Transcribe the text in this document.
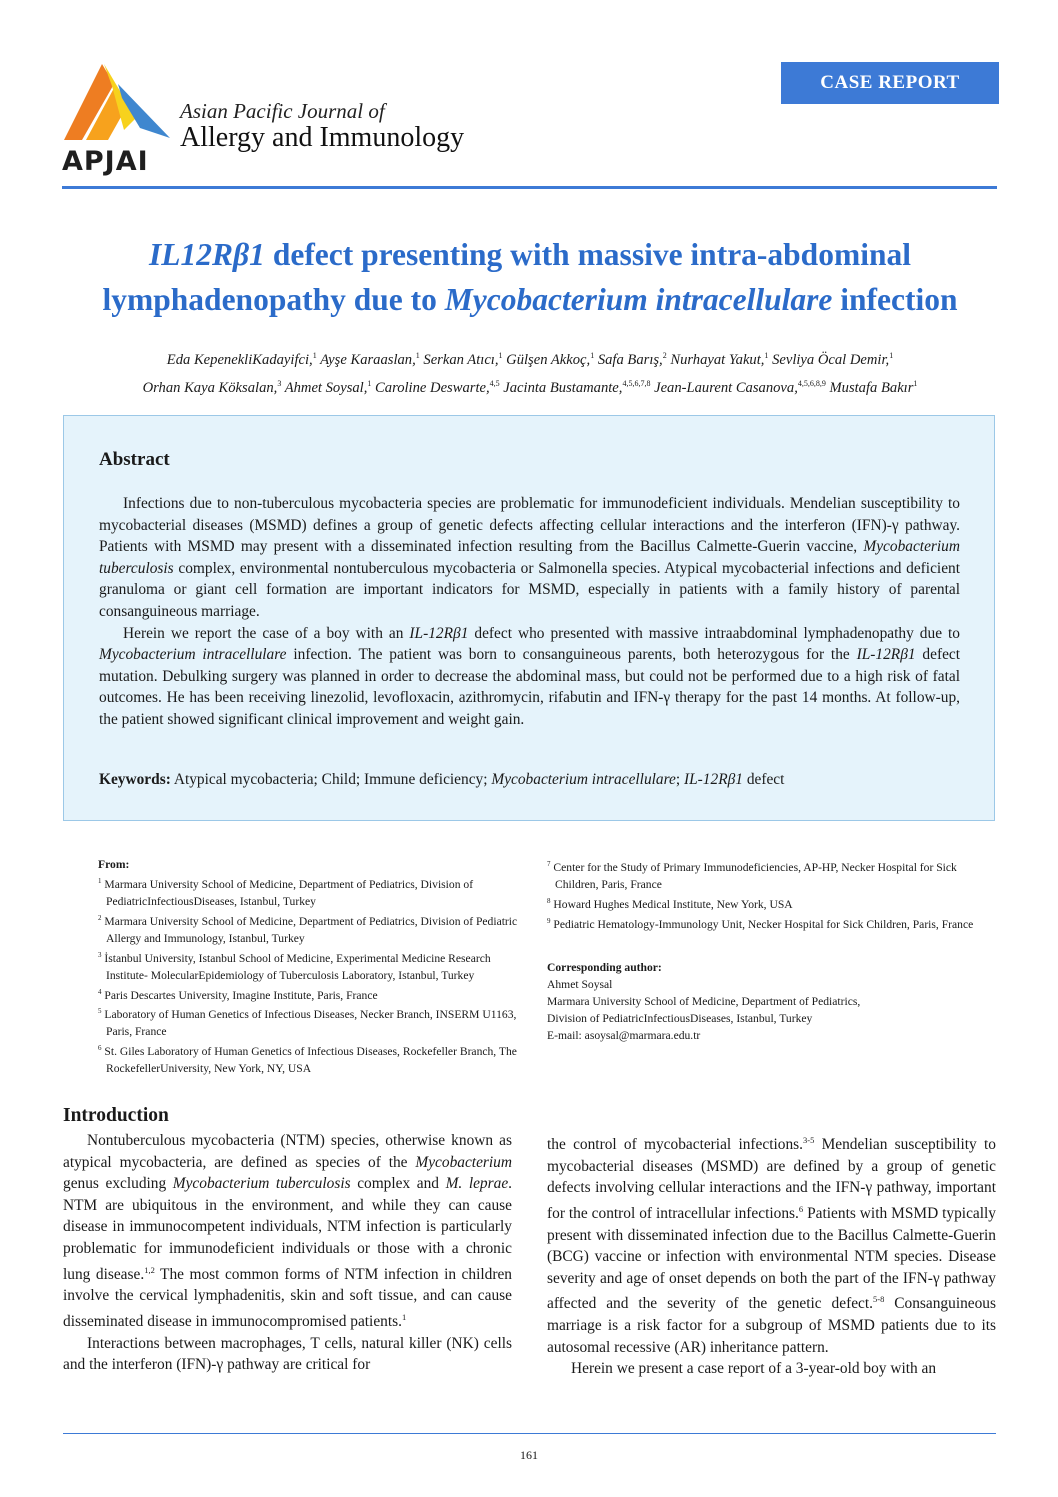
APJAI
Asian Pacific Journal of
Allergy and Immunology
CASE REPORT
IL12Rβ1 defect presenting with massive intra-abdominal
lymphadenopathy due to Mycobacterium intracellulare infection
Eda KepenekliKadayifci,$^1$ Ayşe Karaaslan,$^1$ Serkan Atıcı,$^1$ Gülşen Akkoç,$^1$ Safa Barış,$^2$ Nurhayat Yakut,$^1$ Sevliya Öcal Demir,$^1$
Orhan Kaya Köksalan,$^3$ Ahmet Soysal,$^1$ Caroline Deswarte,$^{4,5}$ Jacinta Bustamante,$^{4,5,6,7,8}$ Jean-Laurent Casanova,$^{4,5,6,8,9}$ Mustafa Bakır$^1$
Abstract

Infections due to non-tuberculous mycobacteria species are problematic for immunodeficient individuals. Mendelian susceptibility to mycobacterial diseases (MSMD) defines a group of genetic defects affecting cellular interactions and the interferon (IFN)-γ pathway. Patients with MSMD may present with a disseminated infection resulting from the Bacillus Calmette-Guerin vaccine, Mycobacterium tuberculosis complex, environmental nontuberculous mycobacteria or Salmonella species. Atypical mycobacterial infections and deficient granuloma or giant cell formation are important indicators for MSMD, especially in patients with a family history of parental consanguineous marriage.

Herein we report the case of a boy with an IL-12Rβ1 defect who presented with massive intraabdominal lymphadenopathy due to Mycobacterium intracellulare infection. The patient was born to consanguineous parents, both heterozygous for the IL-12Rβ1 defect mutation. Debulking surgery was planned in order to decrease the abdominal mass, but could not be performed due to a high risk of fatal outcomes. He has been receiving linezolid, levofloxacin, azithromycin, rifabutin and IFN-γ therapy for the past 14 months. At follow-up, the patient showed significant clinical improvement and weight gain.

Keywords: Atypical mycobacteria; Child; Immune deficiency; Mycobacterium intracellulare; IL-12Rβ1 defect
From:
$^1$ Marmara University School of Medicine, Department of Pediatrics, Division of PediatricInfectiousDiseases, Istanbul, Turkey
$^2$ Marmara University School of Medicine, Department of Pediatrics, Division of Pediatric Allergy and Immunology, Istanbul, Turkey
$^3$ İstanbul University, Istanbul School of Medicine, Experimental Medicine Research Institute- MolecularEpidemiology of Tuberculosis Laboratory, Istanbul, Turkey
$^4$ Paris Descartes University, Imagine Institute, Paris, France
$^5$ Laboratory of Human Genetics of Infectious Diseases, Necker Branch, INSERM U1163, Paris, France
$^6$ St. Giles Laboratory of Human Genetics of Infectious Diseases, Rockefeller Branch, The RockefellerUniversity, New York, NY, USA
$^7$ Center for the Study of Primary Immunodeficiencies, AP-HP, Necker Hospital for Sick Children, Paris, France
$^8$ Howard Hughes Medical Institute, New York, USA
$^9$ Pediatric Hematology-Immunology Unit, Necker Hospital for Sick Children, Paris, France
Corresponding author:
Ahmet Soysal
Marmara University School of Medicine, Department of Pediatrics,
Division of PediatricInfectiousDiseases, Istanbul, Turkey
E-mail: asoysal@marmara.edu.tr
Introduction

Nontuberculous mycobacteria (NTM) species, otherwise known as atypical mycobacteria, are defined as species of the Mycobacterium genus excluding Mycobacterium tuberculosis complex and M. leprae. NTM are ubiquitous in the environment, and while they can cause disease in immunocompetent individuals, NTM infection is particularly problematic for immunodeficient individuals or those with a chronic lung disease.$^{1,2}$ The most common forms of NTM infection in children involve the cervical lymphadenitis, skin and soft tissue, and can cause disseminated disease in immunocompromised patients.$^1$

Interactions between macrophages, T cells, natural killer (NK) cells and the interferon (IFN)-γ pathway are critical for

the control of mycobacterial infections.$^{3-5}$ Mendelian susceptibility to mycobacterial diseases (MSMD) are defined by a group of genetic defects involving cellular interactions and the IFN-γ pathway, important for the control of intracellular infections.$^6$ Patients with MSMD typically present with disseminated infection due to the Bacillus Calmette-Guerin (BCG) vaccine or infection with environmental NTM species. Disease severity and age of onset depends on both the part of the IFN-γ pathway affected and the severity of the genetic defect.$^{5-8}$ Consanguineous marriage is a risk factor for a subgroup of MSMD patients due to its autosomal recessive (AR) inheritance pattern.

Herein we present a case report of a 3-year-old boy with an

161
